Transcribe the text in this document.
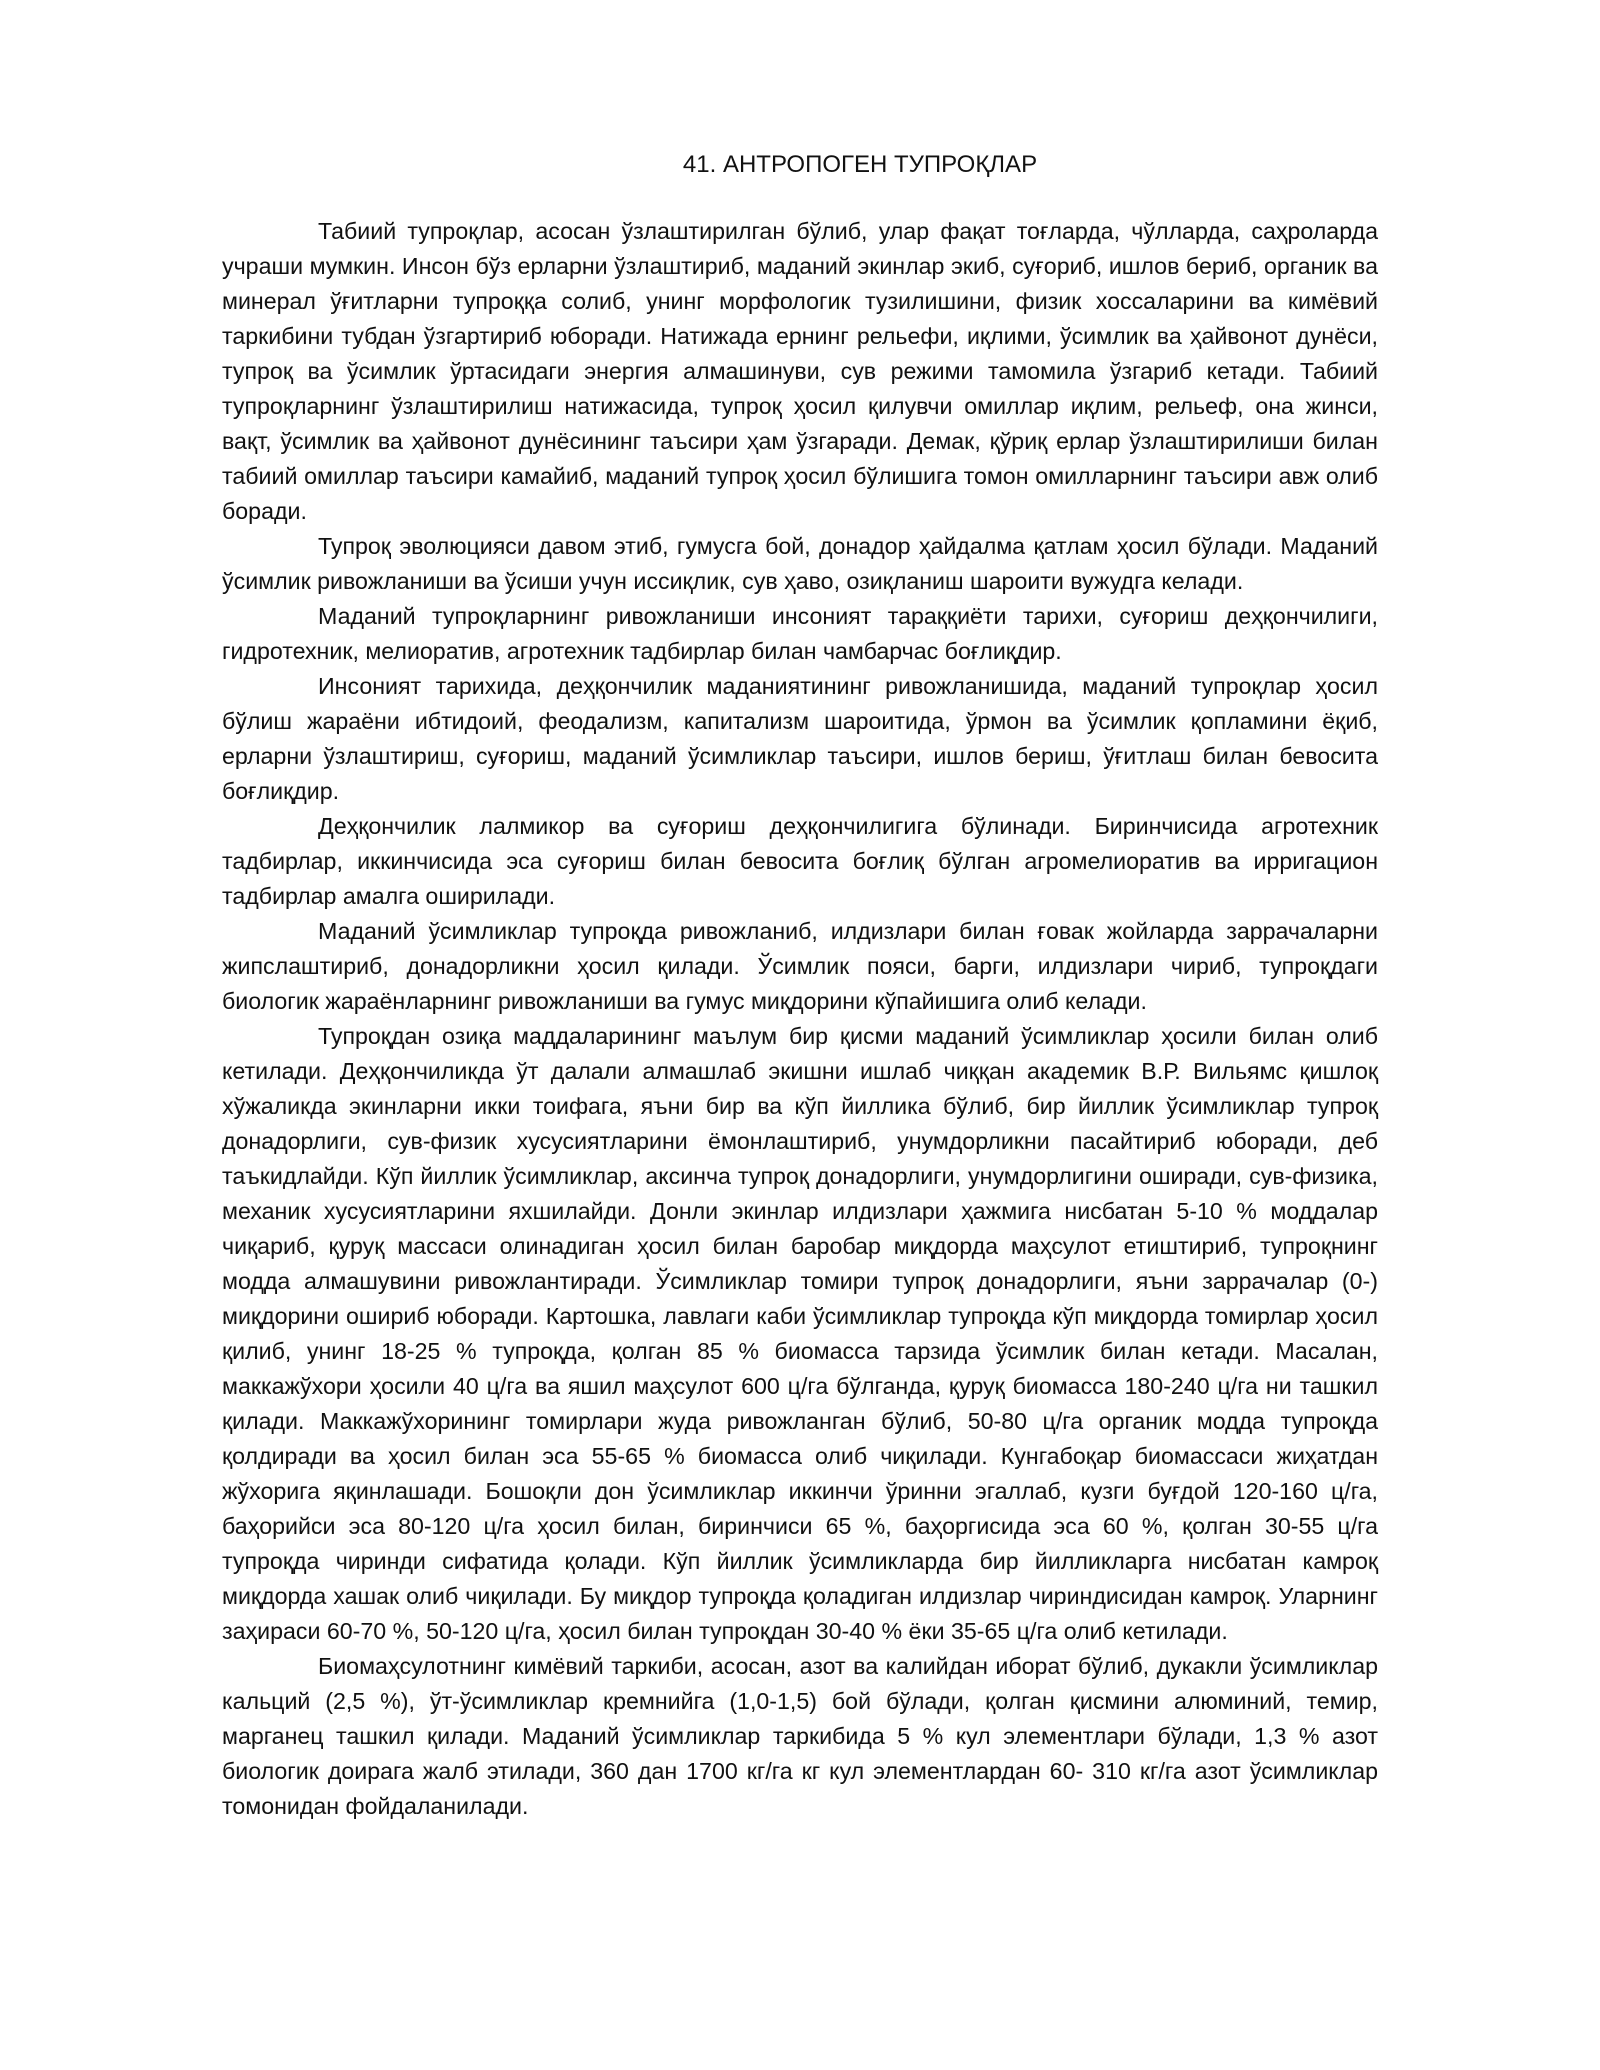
41. АНТРОПОГЕН ТУПРОҚЛАР

Табиий тупроқлар, асосан ўзлаштирилган бўлиб, улар фақат тоғларда, чўлларда, саҳроларда учраши мумкин. Инсон бўз ерларни ўзлаштириб, маданий экинлар экиб, суғориб, ишлов бериб, органик ва минерал ўғитларни тупроққа солиб, унинг морфологик тузилишини, физик хоссаларини ва кимёвий таркибини тубдан ўзгартириб юборади. Натижада ернинг рельефи, иқлими, ўсимлик ва ҳайвонот дунёси, тупроқ ва ўсимлик ўртасидаги энергия алмашинуви, сув режими тамомила ўзгариб кетади. Табиий тупроқларнинг ўзлаштирилиш натижасида, тупроқ ҳосил қилувчи омиллар иқлим, рельеф, она жинси, вақт, ўсимлик ва ҳайвонот дунёсининг таъсири ҳам ўзгаради. Демак, қўриқ ерлар ўзлаштирилиши билан табиий омиллар таъсири камайиб, маданий тупроқ ҳосил бўлишига томон омилларнинг таъсири авж олиб боради.

Тупроқ эволюцияси давом этиб, гумусга бой, донадор ҳайдалма қатлам ҳосил бўлади. Маданий ўсимлик ривожланиши ва ўсиши учун иссиқлик, сув ҳаво, озиқланиш шароити вужудга келади.

Маданий тупроқларнинг ривожланиши инсоният тараққиёти тарихи, суғориш деҳқончилиги, гидротехник, мелиоратив, агротехник тадбирлар билан чамбарчас боғлиқдир.

Инсоният тарихида, деҳқончилик маданиятининг ривожланишида, маданий тупроқлар ҳосил бўлиш жараёни ибтидоий, феодализм, капитализм шароитида, ўрмон ва ўсимлик қопламини ёқиб, ерларни ўзлаштириш, суғориш, маданий ўсимликлар таъсири, ишлов бериш, ўғитлаш билан бевосита боғлиқдир.

Деҳқончилик лалмикор ва суғориш деҳқончилигига бўлинади. Биринчисида агротехник тадбирлар, иккинчисида эса суғориш билан бевосита боғлиқ бўлган агромелиоратив ва ирригацион тадбирлар амалга оширилади.

Маданий ўсимликлар тупроқда ривожланиб, илдизлари билан ғовак жойларда заррачаларни жипслаштириб, донадорликни ҳосил қилади. Ўсимлик пояси, барги, илдизлари чириб, тупроқдаги биологик жараёнларнинг ривожланиши ва гумус миқдорини кўпайишига олиб келади.

Тупроқдан озиқа маддаларининг маълум бир қисми маданий ўсимликлар ҳосили билан олиб кетилади. Деҳқончиликда ўт далали алмашлаб экишни ишлаб чиққан академик В.Р. Вильямс қишлоқ хўжаликда экинларни икки тоифага, яъни бир ва кўп йиллика бўлиб, бир йиллик ўсимликлар тупроқ донадорлиги, сув-физик хусусиятларини ёмонлаштириб, унумдорликни пасайтириб юборади, деб таъкидлайди. Кўп йиллик ўсимликлар, аксинча тупроқ донадорлиги, унумдорлигини оширади, сув-физика, механик хусусиятларини яхшилайди. Донли экинлар илдизлари ҳажмига нисбатан 5-10 % моддалар чиқариб, қуруқ массаси олинадиган ҳосил билан баробар миқдорда маҳсулот етиштириб, тупроқнинг модда алмашувини ривожлантиради. Ўсимликлар томири тупроқ донадорлиги, яъни заррачалар (0-) миқдорини ошириб юборади. Картошка, лавлаги каби ўсимликлар тупроқда кўп миқдорда томирлар ҳосил қилиб, унинг 18-25 % тупроқда, қолган 85 % биомасса тарзида ўсимлик билан кетади. Масалан, маккажўхори ҳосили 40 ц/га ва яшил маҳсулот 600 ц/га бўлганда, қуруқ биомасса 180-240 ц/га ни ташкил қилади. Маккажўхорининг томирлари жуда ривожланган бўлиб, 50-80 ц/га органик модда тупроқда қолдиради ва ҳосил билан эса 55-65 % биомасса олиб чиқилади. Кунгабоқар биомассаси жиҳатдан жўхорига яқинлашади. Бошоқли дон ўсимликлар иккинчи ўринни эгаллаб, кузги буғдой 120-160 ц/га, баҳорийси эса 80-120 ц/га ҳосил билан, биринчиси 65 %, баҳоргисида эса 60 %, қолган 30-55 ц/га тупроқда чиринди сифатида қолади. Кўп йиллик ўсимликларда бир йилликларга нисбатан камроқ миқдорда хашак олиб чиқилади. Бу миқдор тупроқда қоладиган илдизлар чириндисидан камроқ. Уларнинг заҳираси 60-70 %, 50-120 ц/га, ҳосил билан тупроқдан 30-40 % ёки 35-65 ц/га олиб кетилади.

Биомаҳсулотнинг кимёвий таркиби, асосан, азот ва калийдан иборат бўлиб, дукакли ўсимликлар кальций (2,5 %), ўт-ўсимликлар кремнийга (1,0-1,5) бой бўлади, қолган қисмини алюминий, темир, марганец ташкил қилади. Маданий ўсимликлар таркибида 5 % кул элементлари бўлади, 1,3 % азот биологик доирага жалб этилади, 360 дан 1700 кг/га кг кул элементлардан 60- 310 кг/га азот ўсимликлар томонидан фойдаланилади.
